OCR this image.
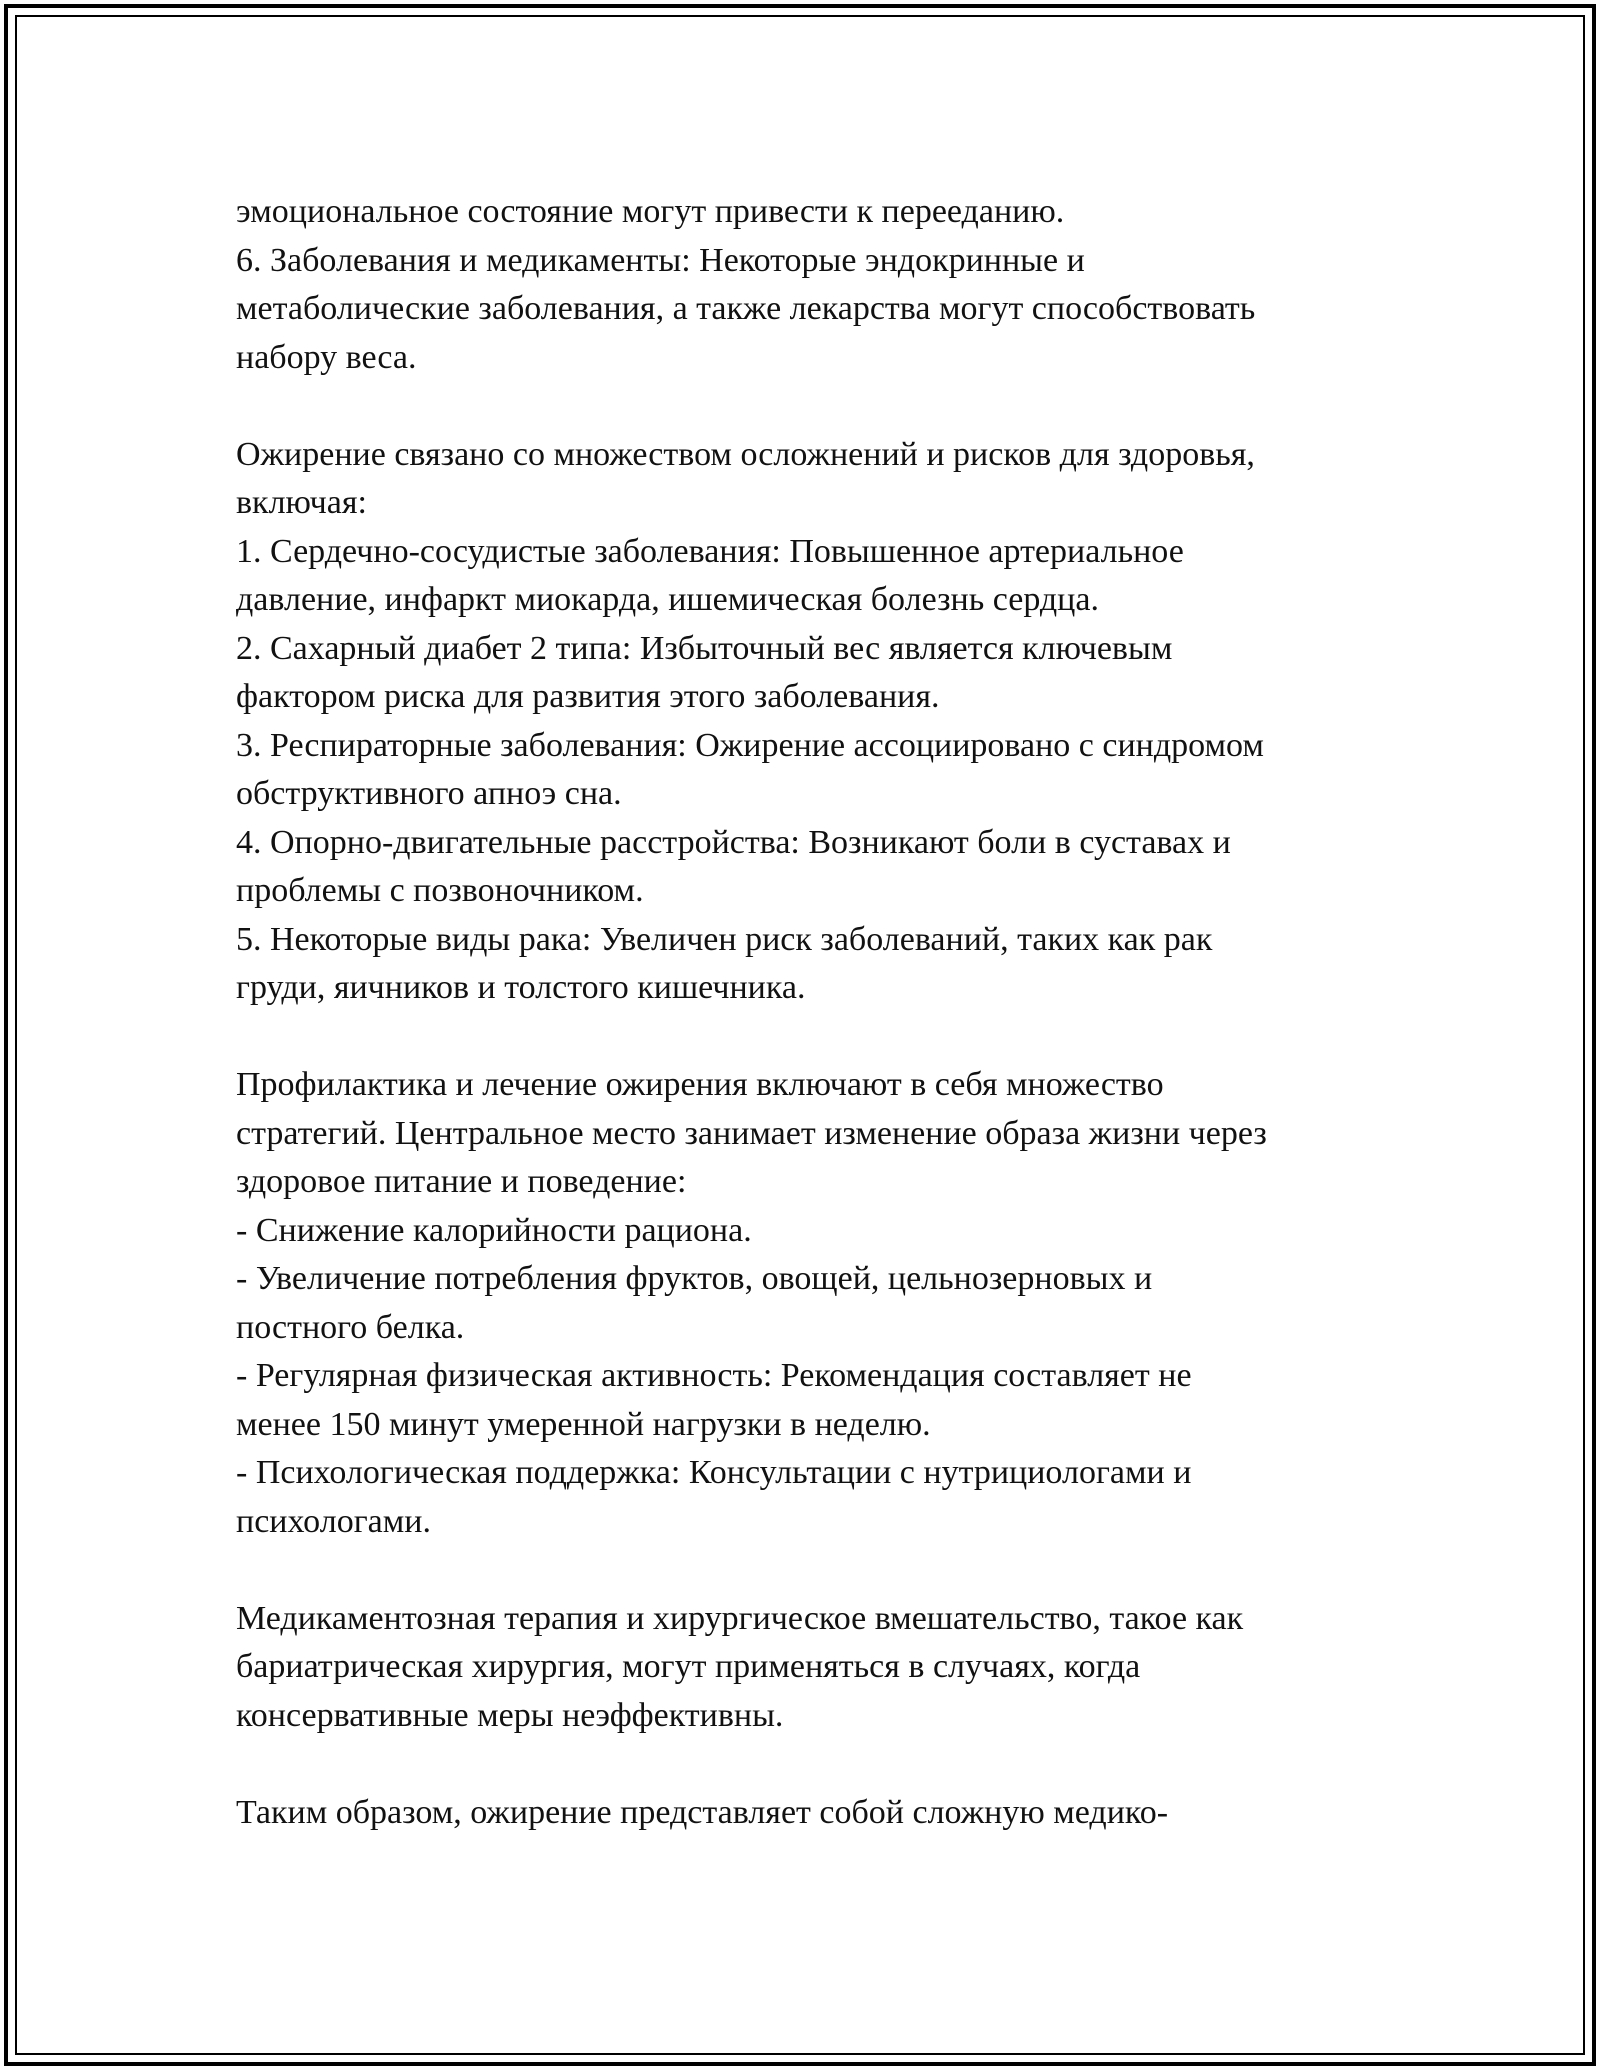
эмоциональное состояние могут привести к перееданию.
6. Заболевания и медикаменты: Некоторые эндокринные и
метаболические заболевания, а также лекарства могут способствовать
набору веса.
Ожирение связано со множеством осложнений и рисков для здоровья,
включая:
1. Сердечно-сосудистые заболевания: Повышенное артериальное
давление, инфаркт миокарда, ишемическая болезнь сердца.
2. Сахарный диабет 2 типа: Избыточный вес является ключевым
фактором риска для развития этого заболевания.
3. Респираторные заболевания: Ожирение ассоциировано с синдромом
обструктивного апноэ сна.
4. Опорно-двигательные расстройства: Возникают боли в суставах и
проблемы с позвоночником.
5. Некоторые виды рака: Увеличен риск заболеваний, таких как рак
груди, яичников и толстого кишечника.
Профилактика и лечение ожирения включают в себя множество
стратегий. Центральное место занимает изменение образа жизни через
здоровое питание и поведение:
- Снижение калорийности рациона.
- Увеличение потребления фруктов, овощей, цельнозерновых и
постного белка.
- Регулярная физическая активность: Рекомендация составляет не
менее 150 минут умеренной нагрузки в неделю.
- Психологическая поддержка: Консультации с нутрициологами и
психологами.
Медикаментозная терапия и хирургическое вмешательство, такое как
бариатрическая хирургия, могут применяться в случаях, когда
консервативные меры неэффективны.
Таким образом, ожирение представляет собой сложную медико-
